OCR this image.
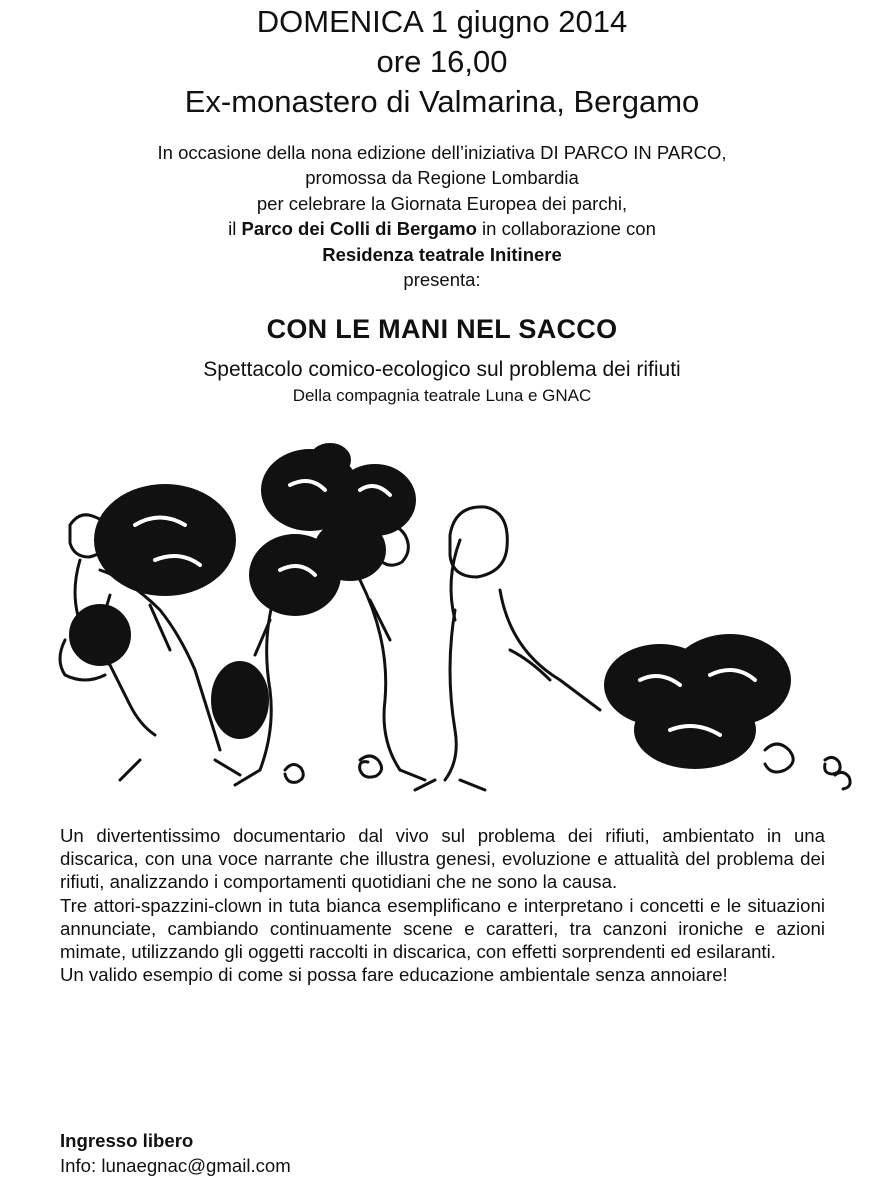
DOMENICA 1 giugno 2014
ore 16,00
Ex-monastero di Valmarina, Bergamo
In occasione della nona edizione dell’iniziativa DI PARCO IN PARCO,
promossa da Regione Lombardia
per celebrare la Giornata Europea dei parchi,
il Parco dei Colli di Bergamo in collaborazione con
Residenza teatrale Initinere
presenta:
CON LE MANI NEL SACCO
Spettacolo comico-ecologico sul problema dei rifiuti
Della compagnia teatrale Luna e GNAC

Un divertentissimo documentario dal vivo sul problema dei rifiuti, ambientato in una discarica, con una voce narrante che illustra genesi, evoluzione e attualità del problema dei rifiuti, analizzando i comportamenti quotidiani che ne sono la causa.

Tre attori-spazzini-clown in tuta bianca esemplificano e interpretano i concetti e le situazioni annunciate, cambiando continuamente scene e caratteri, tra canzoni ironiche e azioni mimate, utilizzando gli oggetti raccolti in discarica, con effetti sorprendenti ed esilaranti.

Un valido esempio di come si possa fare educazione ambientale senza annoiare!

Ingresso libero
Info: lunaegnac@gmail.com
